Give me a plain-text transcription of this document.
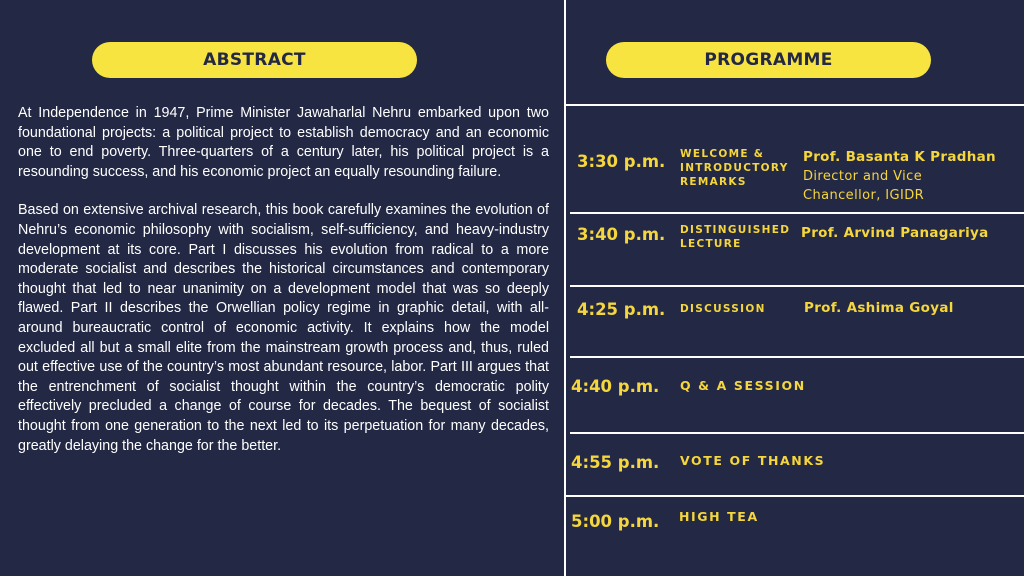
ABSTRACT

At Independence in 1947, Prime Minister Jawaharlal Nehru embarked upon two foundational projects: a political project to establish democracy and an economic one to end poverty. Three-quarters of a century later, his political project is a resounding success, and his economic project an equally resounding failure.

Based on extensive archival research, this book carefully examines the evolution of Nehru’s economic philosophy with socialism, self-sufficiency, and heavy-industry development at its core. Part I discusses his evolution from radical to a more moderate socialist and describes the historical circumstances and contemporary thought that led to near unanimity on a development model that was so deeply flawed. Part II describes the Orwellian policy regime in graphic detail, with all-around bureaucratic control of economic activity. It explains how the model excluded all but a small elite from the mainstream growth process and, thus, ruled out effective use of the country’s most abundant resource, labor. Part III argues that the entrenchment of socialist thought within the country’s democratic polity effectively precluded a change of course for decades. The bequest of socialist thought from one generation to the next led to its perpetuation for many decades, greatly delaying the change for the better.

PROGRAMME
3:30 p.m. WELCOME &
INTRODUCTORY
REMARKS
Prof. Basanta K Pradhan
Director and Vice Chancellor, IGIDR
3:40 p.m. DISTINGUISHED
LECTURE
Prof. Arvind Panagariya
4:25 p.m. DISCUSSION	Prof. Ashima Goyal
4:40 p.m. Q & A SESSION
4:55 p.m. VOTE OF THANKS
5:00 p.m. HIGH TEA
